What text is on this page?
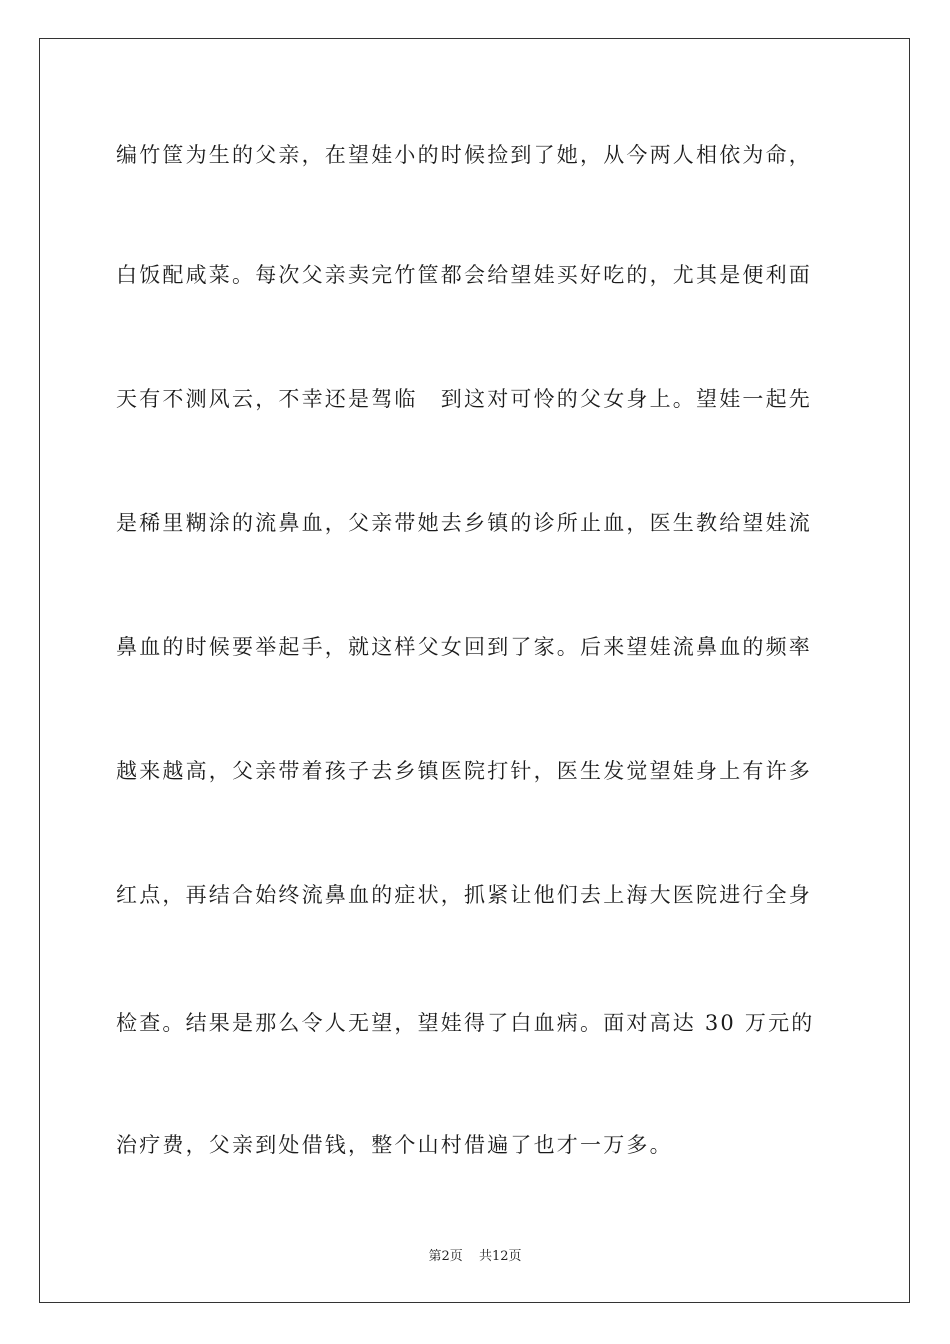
编竹筐为生的父亲，在望娃小的时候捡到了她，从今两人相依为命，
白饭配咸菜。每次父亲卖完竹筐都会给望娃买好吃的，尤其是便利面
天有不测风云，不幸还是驾临　到这对可怜的父女身上。望娃一起先
是稀里糊涂的流鼻血，父亲带她去乡镇的诊所止血，医生教给望娃流
鼻血的时候要举起手，就这样父女回到了家。后来望娃流鼻血的频率
越来越高，父亲带着孩子去乡镇医院打针，医生发觉望娃身上有许多
红点，再结合始终流鼻血的症状，抓紧让他们去上海大医院进行全身
检查。结果是那么令人无望，望娃得了白血病。面对高达 30 万元的
治疗费，父亲到处借钱，整个山村借遍了也才一万多。
第2页 共12页
